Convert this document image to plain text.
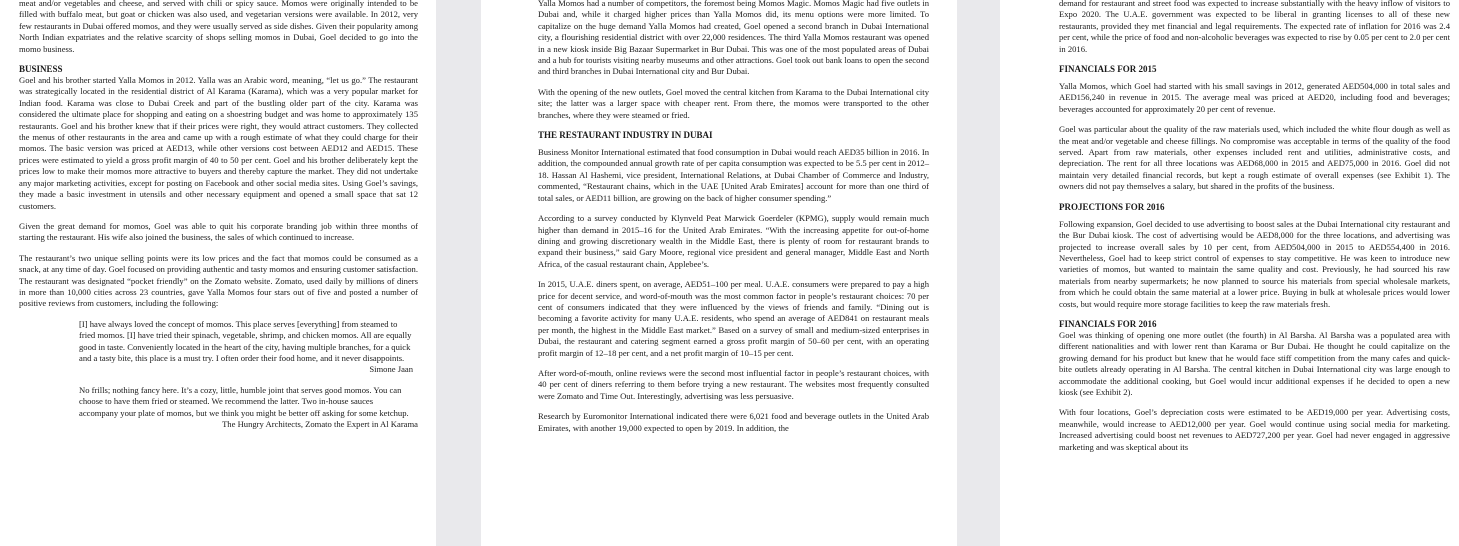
meat and/or vegetables and cheese, and served with chili or spicy sauce. Momos were originally intended to be filled with buffalo meat, but goat or chicken was also used, and vegetarian versions were available. In 2012, very few restaurants in Dubai offered momos, and they were usually served as side dishes. Given their popularity among North Indian expatriates and the relative scarcity of shops selling momos in Dubai, Goel decided to go into the momo business.

BUSINESS

Goel and his brother started Yalla Momos in 2012. Yalla was an Arabic word, meaning, “let us go.” The restaurant was strategically located in the residential district of Al Karama (Karama), which was a very popular market for Indian food. Karama was close to Dubai Creek and part of the bustling older part of the city. Karama was considered the ultimate place for shopping and eating on a shoestring budget and was home to approximately 135 restaurants. Goel and his brother knew that if their prices were right, they would attract customers. They collected the menus of other restaurants in the area and came up with a rough estimate of what they could charge for their momos. The basic version was priced at AED13, while other versions cost between AED12 and AED15. These prices were estimated to yield a gross profit margin of 40 to 50 per cent. Goel and his brother deliberately kept the prices low to make their momos more attractive to buyers and thereby capture the market. They did not undertake any major marketing activities, except for posting on Facebook and other social media sites. Using Goel’s savings, they made a basic investment in utensils and other necessary equipment and opened a small space that sat 12 customers.

Given the great demand for momos, Goel was able to quit his corporate branding job within three months of starting the restaurant. His wife also joined the business, the sales of which continued to increase.

The restaurant’s two unique selling points were its low prices and the fact that momos could be consumed as a snack, at any time of day. Goel focused on providing authentic and tasty momos and ensuring customer satisfaction. The restaurant was designated “pocket friendly” on the Zomato website. Zomato, used daily by millions of diners in more than 10,000 cities across 23 countries, gave Yalla Momos four stars out of five and posted a number of positive reviews from customers, including the following:

[I] have always loved the concept of momos. This place serves [everything] from steamed to fried momos. [I] have tried their spinach, vegetable, shrimp, and chicken momos. All are equally good in taste. Conveniently located in the heart of the city, having multiple branches, for a quick and a tasty bite, this place is a must try. I often order their food home, and it never disappoints.

Simone Jaan

No frills; nothing fancy here. It’s a cozy, little, humble joint that serves good momos. You can choose to have them fried or steamed. We recommend the latter. Two in-house sauces accompany your plate of momos, but we think you might be better off asking for some ketchup.

The Hungry Architects, Zomato the Expert in Al Karama

Yalla Momos had a number of competitors, the foremost being Momos Magic. Momos Magic had five outlets in Dubai and, while it charged higher prices than Yalla Momos did, its menu options were more limited. To capitalize on the huge demand Yalla Momos had created, Goel opened a second branch in Dubai International city, a flourishing residential district with over 22,000 residences. The third Yalla Momos restaurant was opened in a new kiosk inside Big Bazaar Supermarket in Bur Dubai. This was one of the most populated areas of Dubai and a hub for tourists visiting nearby museums and other attractions. Goel took out bank loans to open the second and third branches in Dubai International city and Bur Dubai.

With the opening of the new outlets, Goel moved the central kitchen from Karama to the Dubai International city site; the latter was a larger space with cheaper rent. From there, the momos were transported to the other branches, where they were steamed or fried.

THE RESTAURANT INDUSTRY IN DUBAI

Business Monitor International estimated that food consumption in Dubai would reach AED35 billion in 2016. In addition, the compounded annual growth rate of per capita consumption was expected to be 5.5 per cent in 2012–18. Hassan Al Hashemi, vice president, International Relations, at Dubai Chamber of Commerce and Industry, commented, “Restaurant chains, which in the UAE [United Arab Emirates] account for more than one third of total sales, or AED11 billion, are growing on the back of higher consumer spending.”

According to a survey conducted by Klynveld Peat Marwick Goerdeler (KPMG), supply would remain much higher than demand in 2015–16 for the United Arab Emirates. “With the increasing appetite for out-of-home dining and growing discretionary wealth in the Middle East, there is plenty of room for restaurant brands to expand their business,” said Gary Moore, regional vice president and general manager, Middle East and North Africa, of the casual restaurant chain, Applebee’s.

In 2015, U.A.E. diners spent, on average, AED51–100 per meal. U.A.E. consumers were prepared to pay a high price for decent service, and word-of-mouth was the most common factor in people’s restaurant choices: 70 per cent of consumers indicated that they were influenced by the views of friends and family. “Dining out is becoming a favorite activity for many U.A.E. residents, who spend an average of AED841 on restaurant meals per month, the highest in the Middle East market.” Based on a survey of small and medium-sized enterprises in Dubai, the restaurant and catering segment earned a gross profit margin of 50–60 per cent, with an operating profit margin of 12–18 per cent, and a net profit margin of 10–15 per cent.

After word-of-mouth, online reviews were the second most influential factor in people’s restaurant choices, with 40 per cent of diners referring to them before trying a new restaurant. The websites most frequently consulted were Zomato and Time Out. Interestingly, advertising was less persuasive.

Research by Euromonitor International indicated there were 6,021 food and beverage outlets in the United Arab Emirates, with another 19,000 expected to open by 2019. In addition, the

demand for restaurant and street food was expected to increase substantially with the heavy inflow of visitors to Expo 2020. The U.A.E. government was expected to be liberal in granting licenses to all of these new restaurants, provided they met financial and legal requirements. The expected rate of inflation for 2016 was 2.4 per cent, while the price of food and non-alcoholic beverages was expected to rise by 0.05 per cent to 2.0 per cent in 2016.

FINANCIALS FOR 2015

Yalla Momos, which Goel had started with his small savings in 2012, generated AED504,000 in total sales and AED156,240 in revenue in 2015. The average meal was priced at AED20, including food and beverages; beverages accounted for approximately 20 per cent of revenue.

Goel was particular about the quality of the raw materials used, which included the white flour dough as well as the meat and/or vegetable and cheese fillings. No compromise was acceptable in terms of the quality of the food served. Apart from raw materials, other expenses included rent and utilities, administrative costs, and depreciation. The rent for all three locations was AED68,000 in 2015 and AED75,000 in 2016. Goel did not maintain very detailed financial records, but kept a rough estimate of overall expenses (see Exhibit 1). The owners did not pay themselves a salary, but shared in the profits of the business.

PROJECTIONS FOR 2016

Following expansion, Goel decided to use advertising to boost sales at the Dubai International city restaurant and the Bur Dubai kiosk. The cost of advertising would be AED8,000 for the three locations, and advertising was projected to increase overall sales by 10 per cent, from AED504,000 in 2015 to AED554,400 in 2016. Nevertheless, Goel had to keep strict control of expenses to stay competitive. He was keen to introduce new varieties of momos, but wanted to maintain the same quality and cost. Previously, he had sourced his raw materials from nearby supermarkets; he now planned to source his materials from special wholesale markets, from which he could obtain the same material at a lower price. Buying in bulk at wholesale prices would lower costs, but would require more storage facilities to keep the raw materials fresh.

FINANCIALS FOR 2016

Goel was thinking of opening one more outlet (the fourth) in Al Barsha. Al Barsha was a populated area with different nationalities and with lower rent than Karama or Bur Dubai. He thought he could capitalize on the growing demand for his product but knew that he would face stiff competition from the many cafes and quick-bite outlets already operating in Al Barsha. The central kitchen in Dubai International city was large enough to accommodate the additional cooking, but Goel would incur additional expenses if he decided to open a new kiosk (see Exhibit 2).

With four locations, Goel’s depreciation costs were estimated to be AED19,000 per year. Advertising costs, meanwhile, would increase to AED12,000 per year. Goel would continue using social media for marketing. Increased advertising could boost net revenues to AED727,200 per year. Goel had never engaged in aggressive marketing and was skeptical about its
